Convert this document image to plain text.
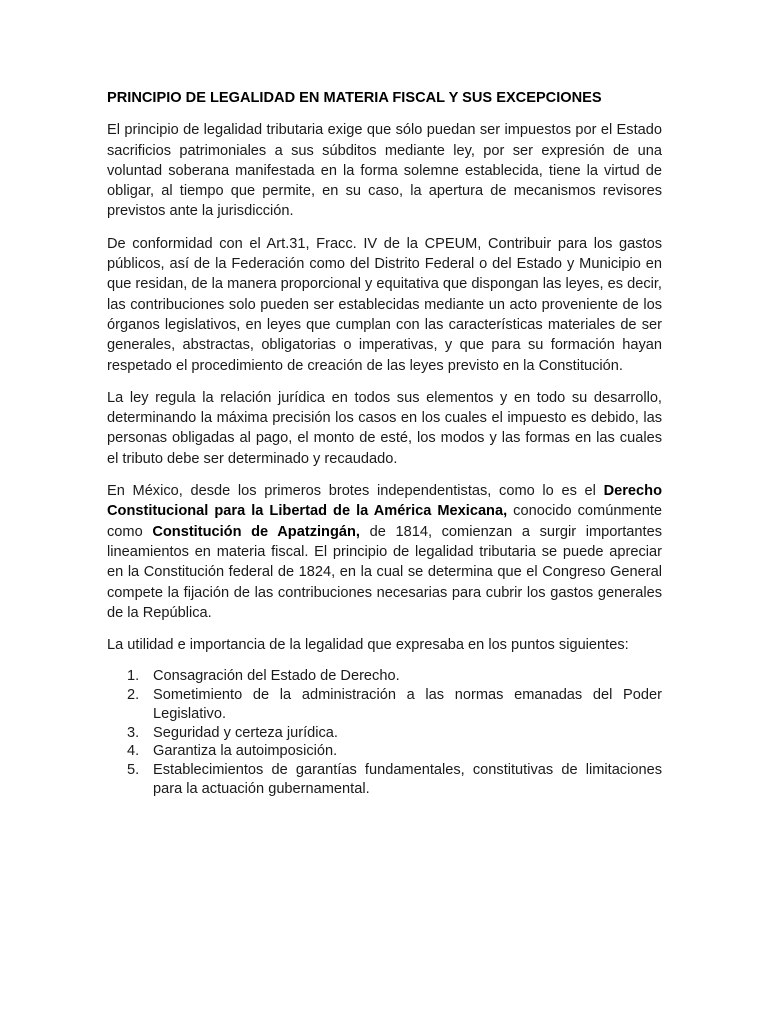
PRINCIPIO DE LEGALIDAD EN MATERIA FISCAL Y SUS EXCEPCIONES

El principio de legalidad tributaria exige que sólo puedan ser impuestos por el Estado sacrificios patrimoniales a sus súbditos mediante ley, por ser expresión de una voluntad soberana manifestada en la forma solemne establecida, tiene la virtud de obligar, al tiempo que permite, en su caso, la apertura de mecanismos revisores previstos ante la jurisdicción.

De conformidad con el Art.31, Fracc. IV de la CPEUM, Contribuir para los gastos públicos, así de la Federación como del Distrito Federal o del Estado y Municipio en que residan, de la manera proporcional y equitativa que dispongan las leyes, es decir, las contribuciones solo pueden ser establecidas mediante un acto proveniente de los órganos legislativos, en leyes que cumplan con las características materiales de ser generales, abstractas, obligatorias o imperativas, y que para su formación hayan respetado el procedimiento de creación de las leyes previsto en la Constitución.

La ley regula la relación jurídica en todos sus elementos y en todo su desarrollo, determinando la máxima precisión los casos en los cuales el impuesto es debido, las personas obligadas al pago, el monto de esté, los modos y las formas en las cuales el tributo debe ser determinado y recaudado.

En México, desde los primeros brotes independentistas, como lo es el Derecho Constitucional para la Libertad de la América Mexicana, conocido comúnmente como Constitución de Apatzingán, de 1814, comienzan a surgir importantes lineamientos en materia fiscal. El principio de legalidad tributaria se puede apreciar en la Constitución federal de 1824, en la cual se determina que el Congreso General compete la fijación de las contribuciones necesarias para cubrir los gastos generales de la República.

La utilidad e importancia de la legalidad que expresaba en los puntos siguientes:

1. Consagración del Estado de Derecho.
2. Sometimiento de la administración a las normas emanadas del Poder Legislativo.
3. Seguridad y certeza jurídica.
4. Garantiza la autoimposición.
5. Establecimientos de garantías fundamentales, constitutivas de limitaciones para la actuación gubernamental.
